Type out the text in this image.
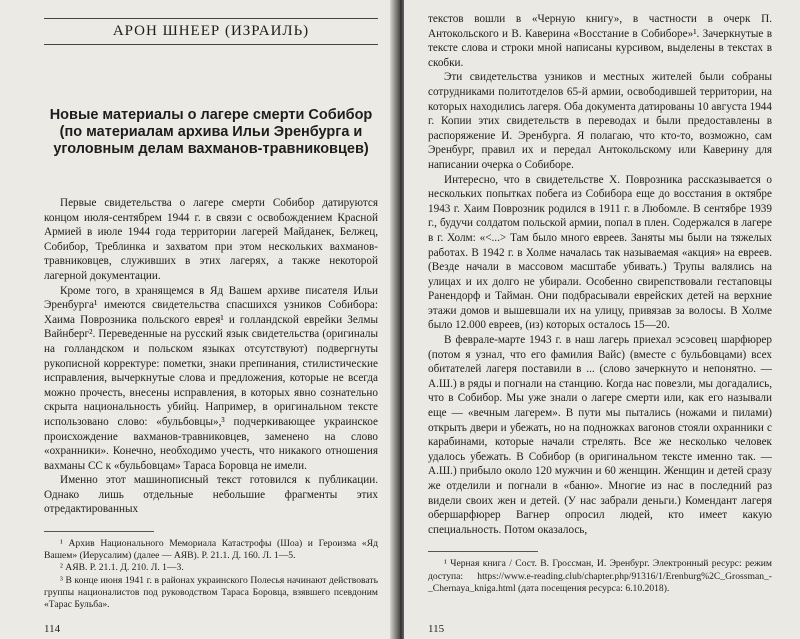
АРОН ШНЕЕР (ИЗРАИЛЬ)
Новые материалы о лагере смерти Собибор (по материалам архива Ильи Эренбурга и уголовным делам вахманов-травниковцев)

Первые свидетельства о лагере смерти Собибор датируются концом июля-сентябрем 1944 г. в связи с освобождением Красной Армией в июле 1944 года территории лагерей Майданек, Белжец, Собибор, Треблинка и захватом при этом нескольких вахманов-травниковцев, служивших в этих лагерях, а также некоторой лагерной документации.

Кроме того, в хранящемся в Яд Вашем архиве писателя Ильи Эренбурга¹ имеются свидетельства спасшихся узников Собибора: Хаима Поврозника польского еврея¹ и голландской еврейки Зелмы Вайнберг². Переведенные на русский язык свидетельства (оригиналы на голландском и польском языках отсутствуют) подвергнуты рукописной корректуре: пометки, знаки препинания, стилистические исправления, вычеркнутые слова и предложения, которые не всегда можно прочесть, внесены исправления, в которых явно сознательно скрыта национальность убийц. Например, в оригинальном тексте использовано слово: «бульбовцы»,³ подчеркивающее украинское происхождение вахманов-травниковцев, заменено на слово «охранники». Конечно, необходимо учесть, что никакого отношения вахманы СС к «бульбовцам» Тараса Боровца не имели.

Именно этот машинописный текст готовился к публикации. Однако лишь отдельные небольшие фрагменты этих отредактированных

¹ Архив Национального Мемориала Катастрофы (Шоа) и Героизма «Яд Вашем» (Иерусалим) (далее — АЯВ). Р. 21.1. Д. 160. Л. 1—5.

² АЯВ. Р. 21.1. Д. 210. Л. 1—3.

³ В конце июня 1941 г. в районах украинского Полесья начинают действовать группы националистов под руководством Тараса Боровца, взявшего псевдоним «Тарас Бульба».

114

текстов вошли в «Черную книгу», в частности в очерк П. Антокольского и В. Каверина «Восстание в Собиборе»¹. Зачеркнутые в тексте слова и строки мной написаны курсивом, выделены в текстах в скобки.

Эти свидетельства узников и местных жителей были собраны сотрудниками политотделов 65-й армии, освободившей территории, на которых находились лагеря. Оба документа датированы 10 августа 1944 г. Копии этих свидетельств в переводах и были предоставлены в распоряжение И. Эренбурга. Я полагаю, что кто-то, возможно, сам Эренбург, правил их и передал Антокольскому или Каверину для написании очерка о Собиборе.

Интересно, что в свидетельстве Х. Поврозника рассказывается о нескольких попытках побега из Собибора еще до восстания в октябре 1943 г. Хаим Поврозник родился в 1911 г. в Любомле. В сентябре 1939 г., будучи солдатом польской армии, попал в плен. Содержался в лагере в г. Холм: «<...> Там было много евреев. Заняты мы были на тяжелых работах. В 1942 г. в Холме началась так называемая «акция» на евреев. (Везде начали в массовом масштабе убивать.) Трупы валялись на улицах и их долго не убирали. Особенно свирепствовали гестаповцы Ранендорф и Тайман. Они подбрасывали еврейских детей на верхние этажи домов и вышевшали их на улицу, привязав за волосы. В Холме было 12.000 евреев, (из) которых осталось 15—20.

В феврале-марте 1943 г. в наш лагерь приехал эсэсовец шарфюрер (потом я узнал, что его фамилия Вайс) (вместе с бульбовцами) всех обитателей лагеря поставили в ... (слово зачеркнуто и непонятно. — А.Ш.) в ряды и погнали на станцию. Когда нас повезли, мы догадались, что в Собибор. Мы уже знали о лагере смерти или, как его называли еще — «вечным лагерем». В пути мы пытались (ножами и пилами) открыть двери и убежать, но на подножках вагонов стояли охранники с карабинами, которые начали стрелять. Все же несколько человек удалось убежать. В Собибор (в оригинальном тексте именно так. — А.Ш.) прибыло около 120 мужчин и 60 женщин. Женщин и детей сразу же отделили и погнали в «баню». Многие из нас в последний раз видели своих жен и детей. (У нас забрали деньги.) Комендант лагеря обершарфюрер Вагнер опросил людей, кто имеет какую специальность. Потом оказалось,

¹ Черная книга / Сост. В. Гроссман, И. Эренбург. Электронный ресурс: режим доступа: https://www.e-reading.club/chapter.php/91316/1/Erenburg%2C_Grossman_-_Chernaya_kniga.html (дата посещения ресурса: 6.10.2018).

115
